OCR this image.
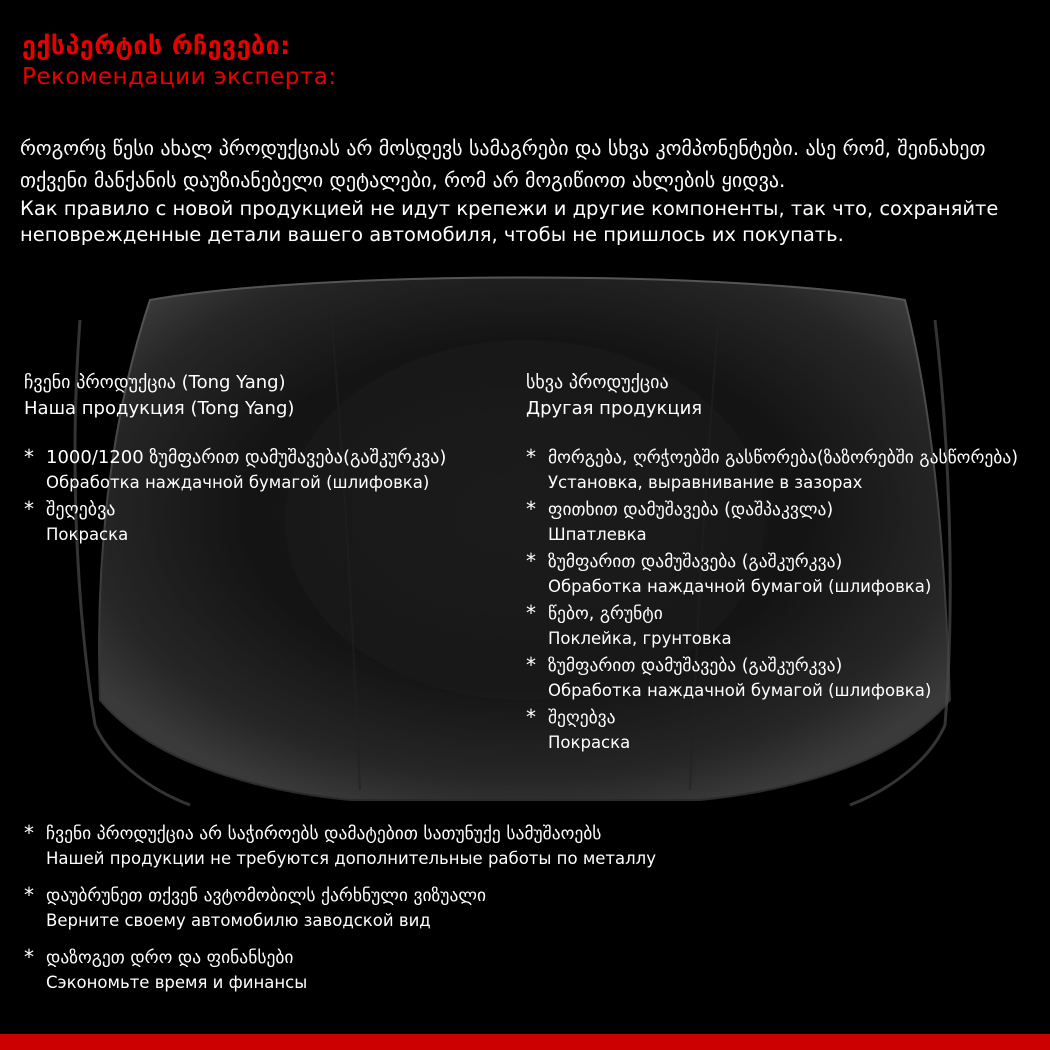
ექსპერტის რჩევები:
Рекомендации эксперта:

როგორც წესი ახალ პროდუქციას არ მოსდევს სამაგრები და სხვა კომპონენტები. ასე რომ, შეინახეთ თქვენი მანქანის დაუზიანებელი დეტალები, რომ არ მოგიწიოთ ახლების ყიდვა.

Как правило с новой продукцией не идут крепежи и другие компоненты, так что, сохраняйте неповрежденные детали вашего автомобиля, чтобы не пришлось их покупать.

ჩვენი პროდუქცია (Tong Yang)
Наша продукция (Tong Yang)
* 1000/1200 ზუმფარით დამუშავება(გაშკურკვა)
Обработка наждачной бумагой (шлифовка)
* შეღებვა
Покраска
სხვა პროდუქცია
Другая продукция
* მორგება, ღრჭოებში გასწორება(ზაზორებში გასწორება)
Установка, выравнивание в зазорах
* ფითხით დამუშავება (დაშპაკვლა)
Шпатлевка
* ზუმფარით დამუშავება (გაშკურკვა)
Обработка наждачной бумагой (шлифовка)
* წებო, გრუნტი
Поклейка, грунтовка
* ზუმფარით დამუშავება (გაშკურკვა)
Обработка наждачной бумагой (шлифовка)
* შეღებვა
Покраска
* ჩვენი პროდუქცია არ საჭიროებს დამატებით სათუნუქე სამუშაოებს
Нашей продукции не требуются дополнительные работы по металлу
* დაუბრუნეთ თქვენ ავტომობილს ქარხნული ვიზუალი
Верните своему автомобилю заводской вид
* დაზოგეთ დრო და ფინანსები
Сэкономьте время и финансы
